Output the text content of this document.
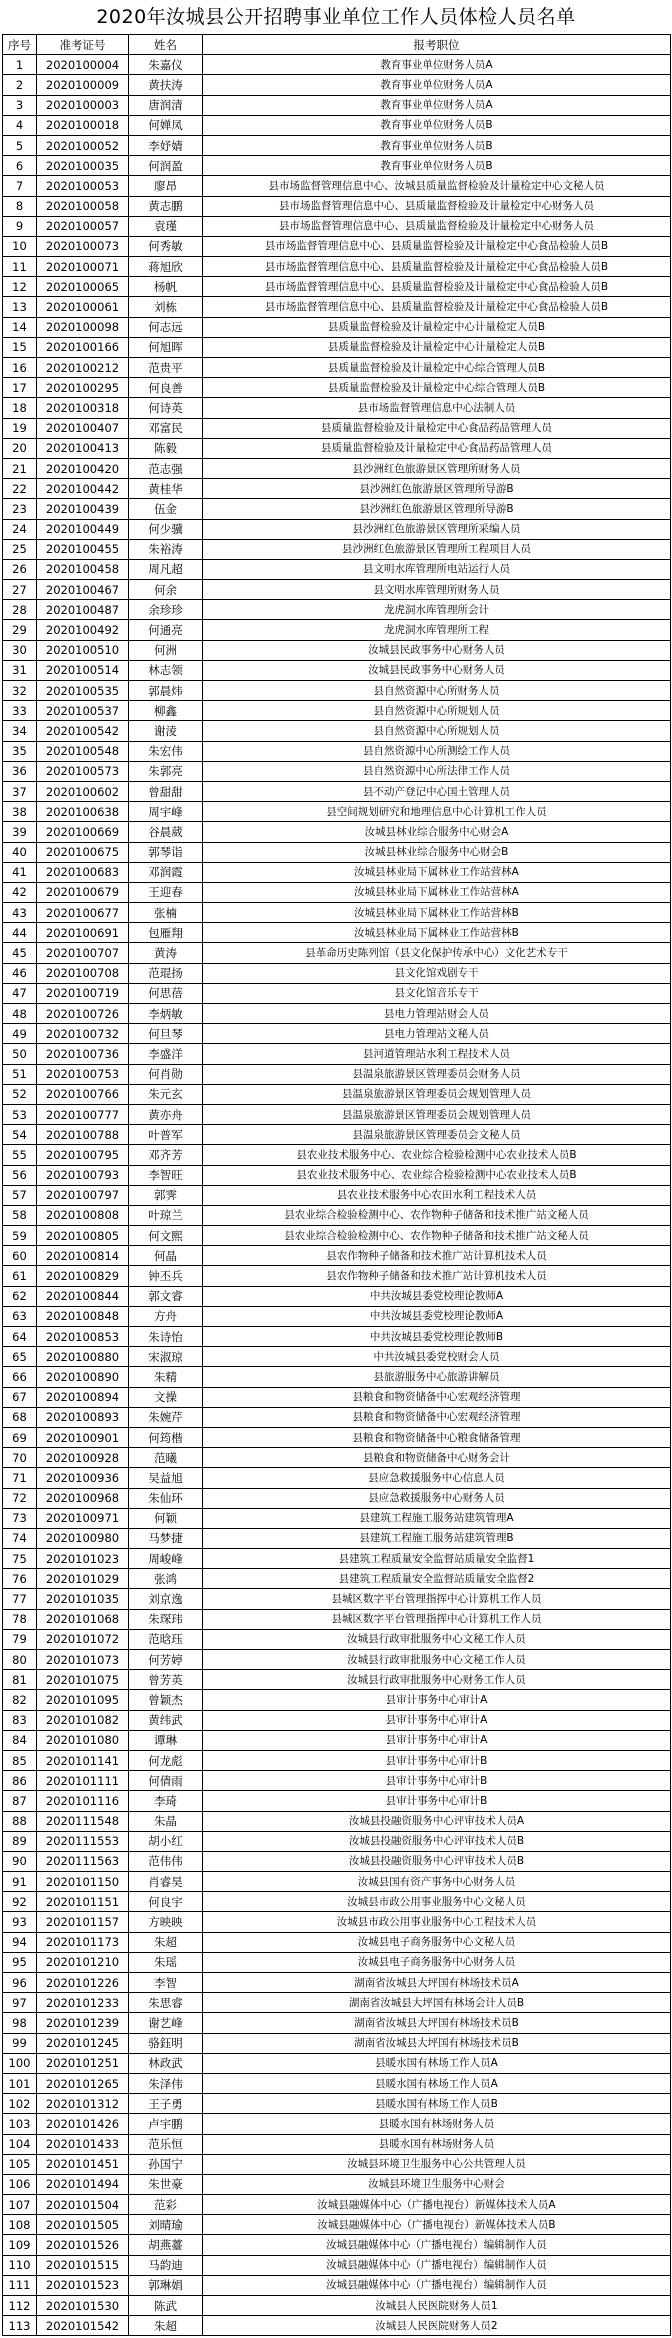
2020年汝城县公开招聘事业单位工作人员体检人员名单
序号	准考证号	姓名	报考职位
1	2020100004	朱嘉仪	教育事业单位财务人员A
2	2020100009	黄扶涛	教育事业单位财务人员A
3	2020100003	唐润清	教育事业单位财务人员A
4	2020100018	何婵凤	教育事业单位财务人员B
5	2020100052	李妤婧	教育事业单位财务人员B
6	2020100035	何润盈	教育事业单位财务人员B
7	2020100053	廖昂	县市场监督管理信息中心、汝城县质量监督检验及计量检定中心文秘人员
8	2020100058	黄志鹏	县市场监督管理信息中心、县质量监督检验及计量检定中心财务人员
9	2020100057	袁瑾	县市场监督管理信息中心、县质量监督检验及计量检定中心财务人员
10	2020100073	何秀敏	县市场监督管理信息中心、县质量监督检验及计量检定中心食品检验人员B
11	2020100071	蒋旭欣	县市场监督管理信息中心、县质量监督检验及计量检定中心食品检验人员B
12	2020100065	杨帆	县市场监督管理信息中心、县质量监督检验及计量检定中心食品检验人员B
13	2020100061	刘栋	县市场监督管理信息中心、县质量监督检验及计量检定中心食品检验人员B
14	2020100098	何志远	县质量监督检验及计量检定中心计量检定人员B
15	2020100166	何旭晖	县质量监督检验及计量检定中心计量检定人员B
16	2020100212	范贵平	县质量监督检验及计量检定中心综合管理人员B
17	2020100295	何良善	县质量监督检验及计量检定中心综合管理人员B
18	2020100318	何诗英	县市场监督管理信息中心法制人员
19	2020100407	邓富民	县质量监督检验及计量检定中心食品药品管理人员
20	2020100413	陈毅	县质量监督检验及计量检定中心食品药品管理人员
21	2020100420	范志强	县沙洲红色旅游景区管理所财务人员
22	2020100442	黄桂华	县沙洲红色旅游景区管理所导游B
23	2020100439	伍金	县沙洲红色旅游景区管理所导游B
24	2020100449	何少骥	县沙洲红色旅游景区管理所采编人员
25	2020100455	朱裕涛	县沙洲红色旅游景区管理所工程项目人员
26	2020100458	周凡超	县文明水库管理所电站运行人员
27	2020100467	何余	县文明水库管理所财务人员
28	2020100487	余珍珍	龙虎洞水库管理所会计
29	2020100492	何通亮	龙虎洞水库管理所工程
30	2020100510	何洲	汝城县民政事务中心财务人员
31	2020100514	林志领	汝城县民政事务中心财务人员
32	2020100535	郭晨炜	县自然资源中心所财务人员
33	2020100537	柳鑫	县自然资源中心所规划人员
34	2020100542	谢淩	县自然资源中心所规划人员
35	2020100548	朱宏伟	县自然资源中心所测绘工作人员
36	2020100573	朱郭亮	县自然资源中心所法律工作人员
37	2020100602	曾甜甜	县不动产登记中心国土管理人员
38	2020100638	周宇峰	县空间规划研究和地理信息中心计算机工作人员
39	2020100669	谷晨葳	汝城县林业综合服务中心财会A
40	2020100675	郭琴诣	汝城县林业综合服务中心财会B
41	2020100683	邓润霞	汝城县林业局下属林业工作站营林A
42	2020100679	王迎春	汝城县林业局下属林业工作站营林A
43	2020100677	张楠	汝城县林业局下属林业工作站营林B
44	2020100691	包雁翔	汝城县林业局下属林业工作站营林B
45	2020100707	黄涛	县革命历史陈列馆（县文化保护传承中心）文化艺术专干
46	2020100708	范琨扬	县文化馆戏剧专干
47	2020100719	何思蓓	县文化馆音乐专干
48	2020100726	李炳敏	县电力管理站财会人员
49	2020100732	何旦琴	县电力管理站文秘人员
50	2020100736	李盛洋	县河道管理站水利工程技术人员
51	2020100753	何肖勋	县温泉旅游景区管理委员会财务人员
52	2020100766	朱元玄	县温泉旅游景区管理委员会规划管理人员
53	2020100777	黄亦舟	县温泉旅游景区管理委员会规划管理人员
54	2020100788	叶普军	县温泉旅游景区管理委员会文秘人员
55	2020100795	邓齐芳	县农业技术服务中心、农业综合检验检测中心农业技术人员B
56	2020100793	李智旺	县农业技术服务中心、农业综合检验检测中心农业技术人员B
57	2020100797	郭霁	县农业技术服务中心农田水利工程技术人员
58	2020100808	叶琼兰	县农业综合检验检测中心、农作物种子储备和技术推广站文秘人员
59	2020100805	何文熙	县农业综合检验检测中心、农作物种子储备和技术推广站文秘人员
60	2020100814	何晶	县农作物种子储备和技术推广站计算机技术人员
61	2020100829	钟丕兵	县农作物种子储备和技术推广站计算机技术人员
62	2020100844	郭文睿	中共汝城县委党校理论教师A
63	2020100848	方舟	中共汝城县委党校理论教师A
64	2020100853	朱诗怡	中共汝城县委党校理论教师B
65	2020100880	宋淑琼	中共汝城县委党校财会人员
66	2020100890	朱精	县旅游服务中心旅游讲解员
67	2020100894	文操	县粮食和物资储备中心宏观经济管理
68	2020100893	朱婉芹	县粮食和物资储备中心宏观经济管理
69	2020100901	何筠楷	县粮食和物资储备中心粮食储备管理
70	2020100928	范曦	县粮食和物资储备中心财务会计
71	2020100936	吴益旭	县应急救援服务中心信息人员
72	2020100968	朱仙环	县应急救援服务中心财务人员
73	2020100971	何颖	县建筑工程施工服务站建筑管理A
74	2020100980	马梦捷	县建筑工程施工服务站建筑管理B
75	2020101023	周峻峰	县建筑工程质量安全监督站质量安全监督1
76	2020101029	张鸿	县建筑工程质量安全监督站质量安全监督2
77	2020101035	刘京逸	县城区数字平台管理指挥中心计算机工作人员
78	2020101068	朱琛玮	县城区数字平台管理指挥中心计算机工作人员
79	2020101072	范晗珏	汝城县行政审批服务中心文秘工作人员
80	2020101073	何芳婷	汝城县行政审批服务中心文秘工作人员
81	2020101075	曾芳英	汝城县行政审批服务中心财务工作人员
82	2020101095	曾颖杰	县审计事务中心审计A
83	2020101082	黄纬武	县审计事务中心审计A
84	2020101080	谭琳	县审计事务中心审计A
85	2020101141	何龙彪	县审计事务中心审计B
86	2020101111	何倩雨	县审计事务中心审计B
87	2020101116	李琦	县审计事务中心审计B
88	2020111548	朱晶	汝城县投融资服务中心评审技术人员A
89	2020111553	胡小红	汝城县投融资服务中心评审技术人员B
90	2020111563	范伟伟	汝城县投融资服务中心评审技术人员B
91	2020101150	肖睿昊	汝城县国有资产事务中心财务人员
92	2020101151	何良宇	汝城县市政公用事业服务中心文秘人员
93	2020101157	方映映	汝城县市政公用事业服务中心工程技术人员
94	2020101173	朱超	汝城县电子商务服务中心文秘人员
95	2020101210	朱瑶	汝城县电子商务服务中心财务人员
96	2020101226	李智	湖南省汝城县大坪国有林场技术员A
97	2020101233	朱思睿	湖南省汝城县大坪国有林场会计人员B
98	2020101239	谢艺峰	湖南省汝城县大坪国有林场技术员B
99	2020101245	骆鈺明	湖南省汝城县大坪国有林场技术员B
100	2020101251	林政武	县暖水国有林场工作人员A
101	2020101265	朱泽伟	县暖水国有林场工作人员A
102	2020101312	王子勇	县暖水国有林场工作人员B
103	2020101426	卢宇鹏	县暖水国有林场财务人员
104	2020101433	范乐恒	县暖水国有林场财务人员
105	2020101451	孙国宁	汝城县环境卫生服务中心公共管理人员
106	2020101494	朱世豪	汝城县环境卫生服务中心财会
107	2020101504	范彩	汝城县融媒体中心（广播电视台）新媒体技术人员A
108	2020101505	刘晴瑜	汝城县融媒体中心（广播电视台）新媒体技术人员B
109	2020101526	胡燕薹	汝城县融媒体中心（广播电视台）编辑制作人员
110	2020101515	马韵迪	汝城县融媒体中心（广播电视台）编辑制作人员
111	2020101523	郭琳娟	汝城县融媒体中心（广播电视台）编辑制作人员
112	2020101530	陈武	汝城县人民医院财务人员1
113	2020101542	朱超	汝城县人民医院财务人员2
